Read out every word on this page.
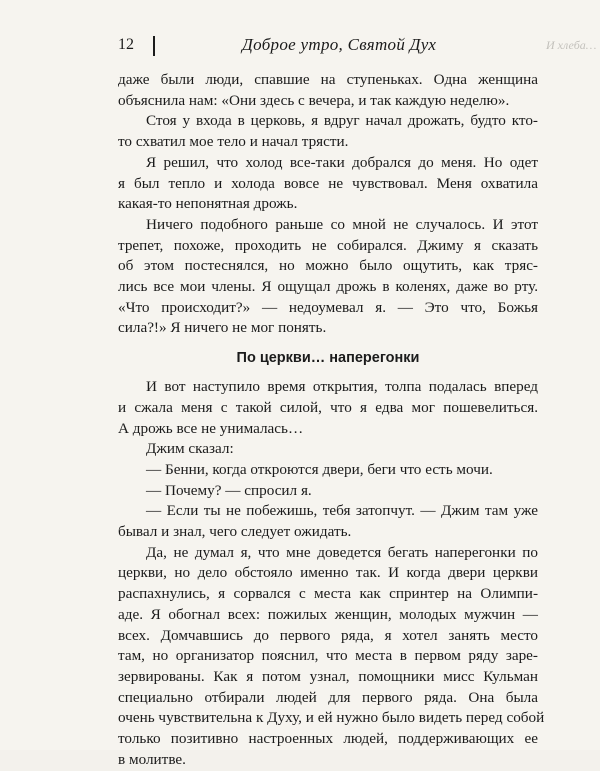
12	Доброе утро, Святой Дух	И хлеба…
даже были люди, спавшие на ступеньках. Одна женщина
объяснила нам: «Они здесь с вечера, и так каждую неделю».
Стоя у входа в церковь, я вдруг начал дрожать, будто кто-
то схватил мое тело и начал трясти.
Я решил, что холод все-таки добрался до меня. Но одет
я был тепло и холода вовсе не чувствовал. Меня охватила
какая-то непонятная дрожь.
Ничего подобного раньше со мной не случалось. И этот
трепет, похоже, проходить не собирался. Джиму я сказать
об этом постеснялся, но можно было ощутить, как тряс-
лись все мои члены. Я ощущал дрожь в коленях, даже во рту.
«Что происходит?» — недоумевал я. — Это что, Божья
сила?!» Я ничего не мог понять.
По церкви… наперегонки
И вот наступило время открытия, толпа подалась вперед
и сжала меня с такой силой, что я едва мог пошевелиться.
А дрожь все не унималась…
Джим сказал:
— Бенни, когда откроются двери, беги что есть мочи.
— Почему? — спросил я.
— Если ты не побежишь, тебя затопчут. — Джим там уже
бывал и знал, чего следует ожидать.
Да, не думал я, что мне доведется бегать наперегонки по
церкви, но дело обстояло именно так. И когда двери церкви
распахнулись, я сорвался с места как спринтер на Олимпи-
аде. Я обогнал всех: пожилых женщин, молодых мужчин —
всех. Домчавшись до первого ряда, я хотел занять место
там, но организатор пояснил, что места в первом ряду зарe-
зервированы. Как я потом узнал, помощники мисс Кульман
специально отбирали людей для первого ряда. Она была
очень чувствительна к Духу, и ей нужно было видеть перед собой
только позитивно настроенных людей, поддерживающих ее
в молитве.
